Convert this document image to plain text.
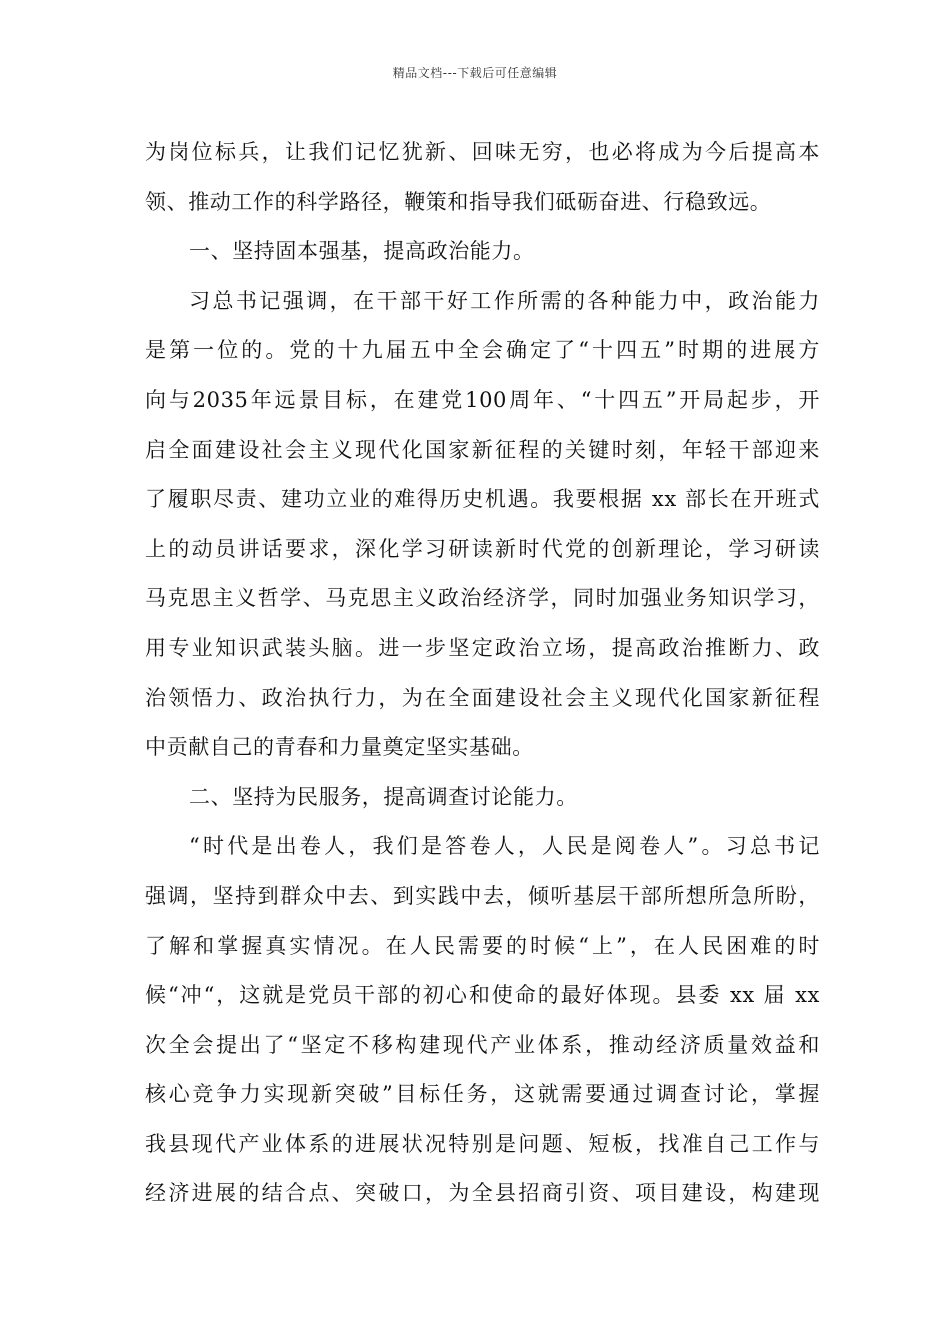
精品文档---下载后可任意编辑
为岗位标兵，让我们记忆犹新、回味无穷，也必将成为今后提高本
领、推动工作的科学路径，鞭策和指导我们砥砺奋进、行稳致远。
一、坚持固本强基，提高政治能力。
习总书记强调，在干部干好工作所需的各种能力中，政治能力
是第一位的。党的十九届五中全会确定了“十四五”时期的进展方
向与2035年远景目标，在建党100周年、“十四五”开局起步，开
启全面建设社会主义现代化国家新征程的关键时刻，年轻干部迎来
了履职尽责、建功立业的难得历史机遇。我要根据 xx 部长在开班式
上的动员讲话要求，深化学习研读新时代党的创新理论，学习研读
马克思主义哲学、马克思主义政治经济学，同时加强业务知识学习，
用专业知识武装头脑。进一步坚定政治立场，提高政治推断力、政
治领悟力、政治执行力，为在全面建设社会主义现代化国家新征程
中贡献自己的青春和力量奠定坚实基础。
二、坚持为民服务，提高调查讨论能力。
“时代是出卷人，我们是答卷人，人民是阅卷人”。习总书记
强调，坚持到群众中去、到实践中去，倾听基层干部所想所急所盼，
了解和掌握真实情况。在人民需要的时候“上”，在人民困难的时
候“冲“，这就是党员干部的初心和使命的最好体现。县委 xx 届 xx
次全会提出了“坚定不移构建现代产业体系，推动经济质量效益和
核心竞争力实现新突破”目标任务，这就需要通过调查讨论，掌握
我县现代产业体系的进展状况特别是问题、短板，找准自己工作与
经济进展的结合点、突破口，为全县招商引资、项目建设，构建现
